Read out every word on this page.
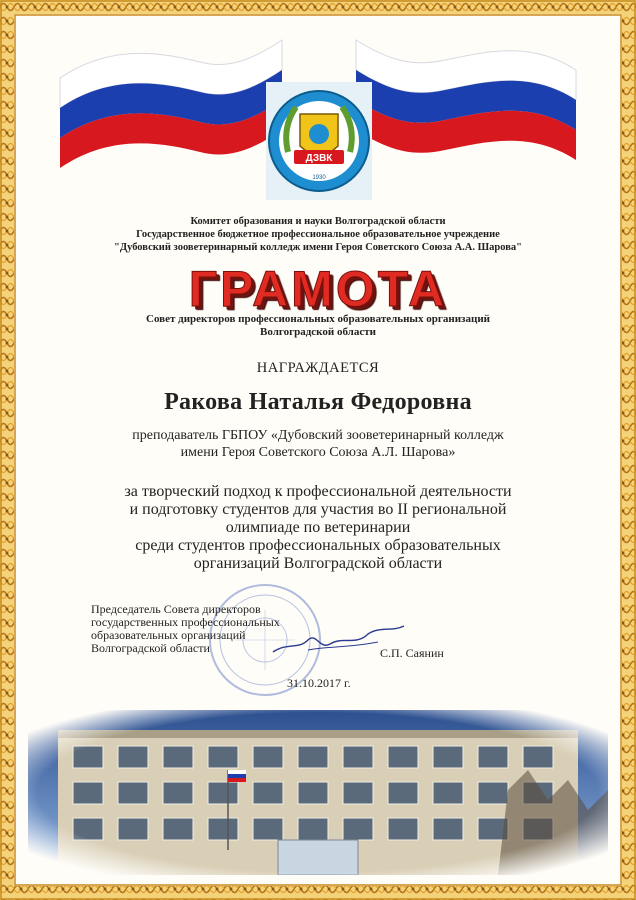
ДЗВК
1930
Комитет образования и науки Волгоградской области
Государственное бюджетное профессиональное образовательное учреждение
"Дубовский зооветеринарный колледж имени Героя Советского Союза А.А. Шарова"
ГРАМОТА
Совет директоров профессиональных образовательных организаций
Волгоградской области
НАГРАЖДАЕТСЯ
Ракова Наталья Федоровна
преподаватель ГБПОУ «Дубовский зооветеринарный колледж
имени Героя Советского Союза А.Л. Шарова»
за творческий подход к профессиональной деятельности
и подготовку студентов для участия во II региональной
олимпиаде по ветеринарии
среди студентов профессиональных образовательных
организаций Волгоградской области
Председатель Совета директоров
государственных профессиональных
образовательных организаций
Волгоградской области	С.П. Саянин
31.10.2017 г.
